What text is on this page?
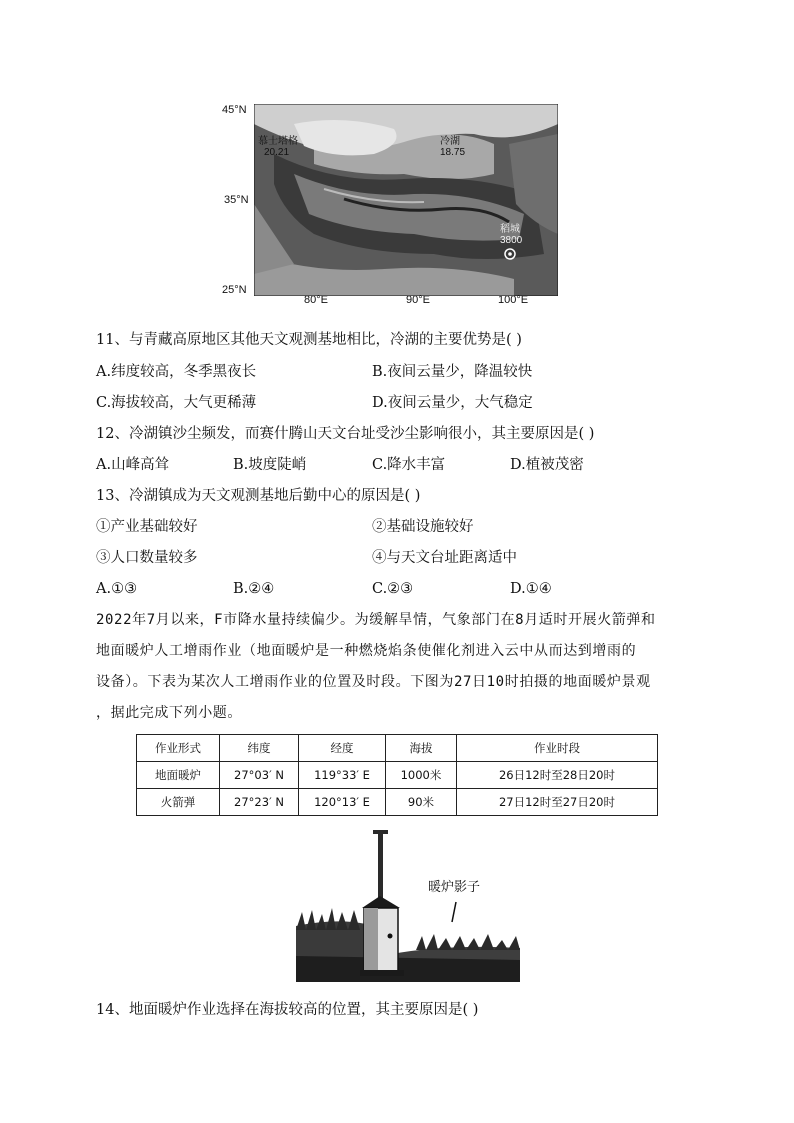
45°N
35°N
25°N
80°E	90°E	100°E
慕士塔格
20.21
冷湖
18.75
稻城
3800
11、与青藏高原地区其他天文观测基地相比，冷湖的主要优势是( )
A.纬度较高，冬季黑夜长	B.夜间云量少，降温较快
C.海拔较高，大气更稀薄	D.夜间云量少，大气稳定
12、冷湖镇沙尘频发，而赛什腾山天文台址受沙尘影响很小，其主要原因是( )
A.山峰高耸	B.坡度陡峭	C.降水丰富	D.植被茂密
13、冷湖镇成为天文观测基地后勤中心的原因是( )
①产业基础较好	②基础设施较好
③人口数量较多	④与天文台址距离适中
A.①③	B.②④	C.②③	D.①④
2022年7月以来，F市降水量持续偏少。为缓解旱情，气象部门在8月适时开展火箭弹和
地面暖炉人工增雨作业（地面暖炉是一种燃烧焰条使催化剂进入云中从而达到增雨的
设备）。下表为某次人工增雨作业的位置及时段。下图为27日10时拍摄的地面暖炉景观
，据此完成下列小题。
作业形式	纬度	经度	海拔	作业时段
地面暖炉	27°03′ N	119°33′ E	1000米	26日12时至28日20时
火箭弹	27°23′ N	120°13′ E	90米	27日12时至27日20时
暖炉影子
14、地面暖炉作业选择在海拔较高的位置，其主要原因是( )
